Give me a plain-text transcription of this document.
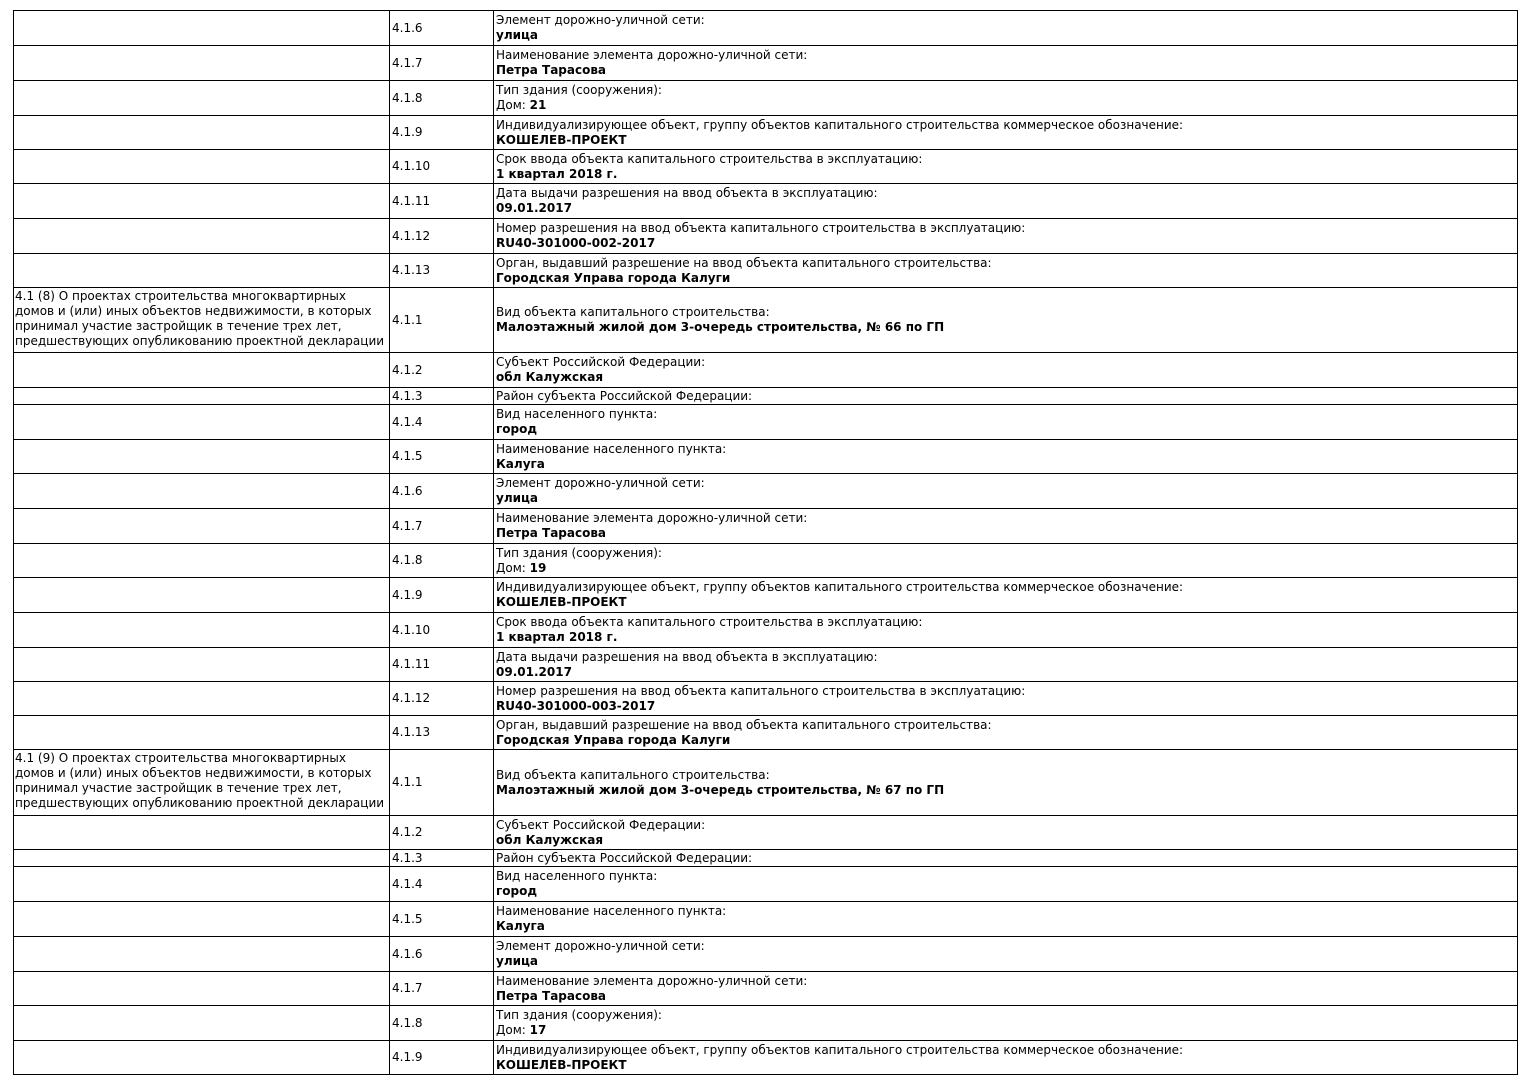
	4.1.6	Элемент дорожно-уличной сети:
улица

	4.1.7	Наименование элемента дорожно-уличной сети:
Петра Тарасова

	4.1.8	Тип здания (сооружения):
Дом: 21

	4.1.9	Индивидуализирующее объект, группу объектов капитального строительства коммерческое обозначение:
КОШЕЛЕВ-ПРОЕКТ

	4.1.10	Срок ввода объекта капитального строительства в эксплуатацию:
1 квартал 2018 г.

	4.1.11	Дата выдачи разрешения на ввод объекта в эксплуатацию:
09.01.2017

	4.1.12	Номер разрешения на ввод объекта капитального строительства в эксплуатацию:
RU40-301000-002-2017

	4.1.13	Орган, выдавший разрешение на ввод объекта капитального строительства:
Городская Управа города Калуги

4.1 (8) О проектах строительства многоквартирных домов и (или) иных объектов недвижимости, в которых принимал участие застройщик в течение трех лет, предшествующих опубликованию проектной декларации	4.1.1	Вид объекта капитального строительства:
Малоэтажный жилой дом 3-очередь строительства, № 66 по ГП

	4.1.2	Субъект Российской Федерации:
обл Калужская

	4.1.3	Район субъекта Российской Федерации:

	4.1.4	Вид населенного пункта:
город

	4.1.5	Наименование населенного пункта:
Калуга

	4.1.6	Элемент дорожно-уличной сети:
улица

	4.1.7	Наименование элемента дорожно-уличной сети:
Петра Тарасова

	4.1.8	Тип здания (сооружения):
Дом: 19

	4.1.9	Индивидуализирующее объект, группу объектов капитального строительства коммерческое обозначение:
КОШЕЛЕВ-ПРОЕКТ

	4.1.10	Срок ввода объекта капитального строительства в эксплуатацию:
1 квартал 2018 г.

	4.1.11	Дата выдачи разрешения на ввод объекта в эксплуатацию:
09.01.2017

	4.1.12	Номер разрешения на ввод объекта капитального строительства в эксплуатацию:
RU40-301000-003-2017

	4.1.13	Орган, выдавший разрешение на ввод объекта капитального строительства:
Городская Управа города Калуги

4.1 (9) О проектах строительства многоквартирных домов и (или) иных объектов недвижимости, в которых принимал участие застройщик в течение трех лет, предшествующих опубликованию проектной декларации	4.1.1	Вид объекта капитального строительства:
Малоэтажный жилой дом 3-очередь строительства, № 67 по ГП

	4.1.2	Субъект Российской Федерации:
обл Калужская

	4.1.3	Район субъекта Российской Федерации:

	4.1.4	Вид населенного пункта:
город

	4.1.5	Наименование населенного пункта:
Калуга

	4.1.6	Элемент дорожно-уличной сети:
улица

	4.1.7	Наименование элемента дорожно-уличной сети:
Петра Тарасова

	4.1.8	Тип здания (сооружения):
Дом: 17

	4.1.9	Индивидуализирующее объект, группу объектов капитального строительства коммерческое обозначение:
КОШЕЛЕВ-ПРОЕКТ
